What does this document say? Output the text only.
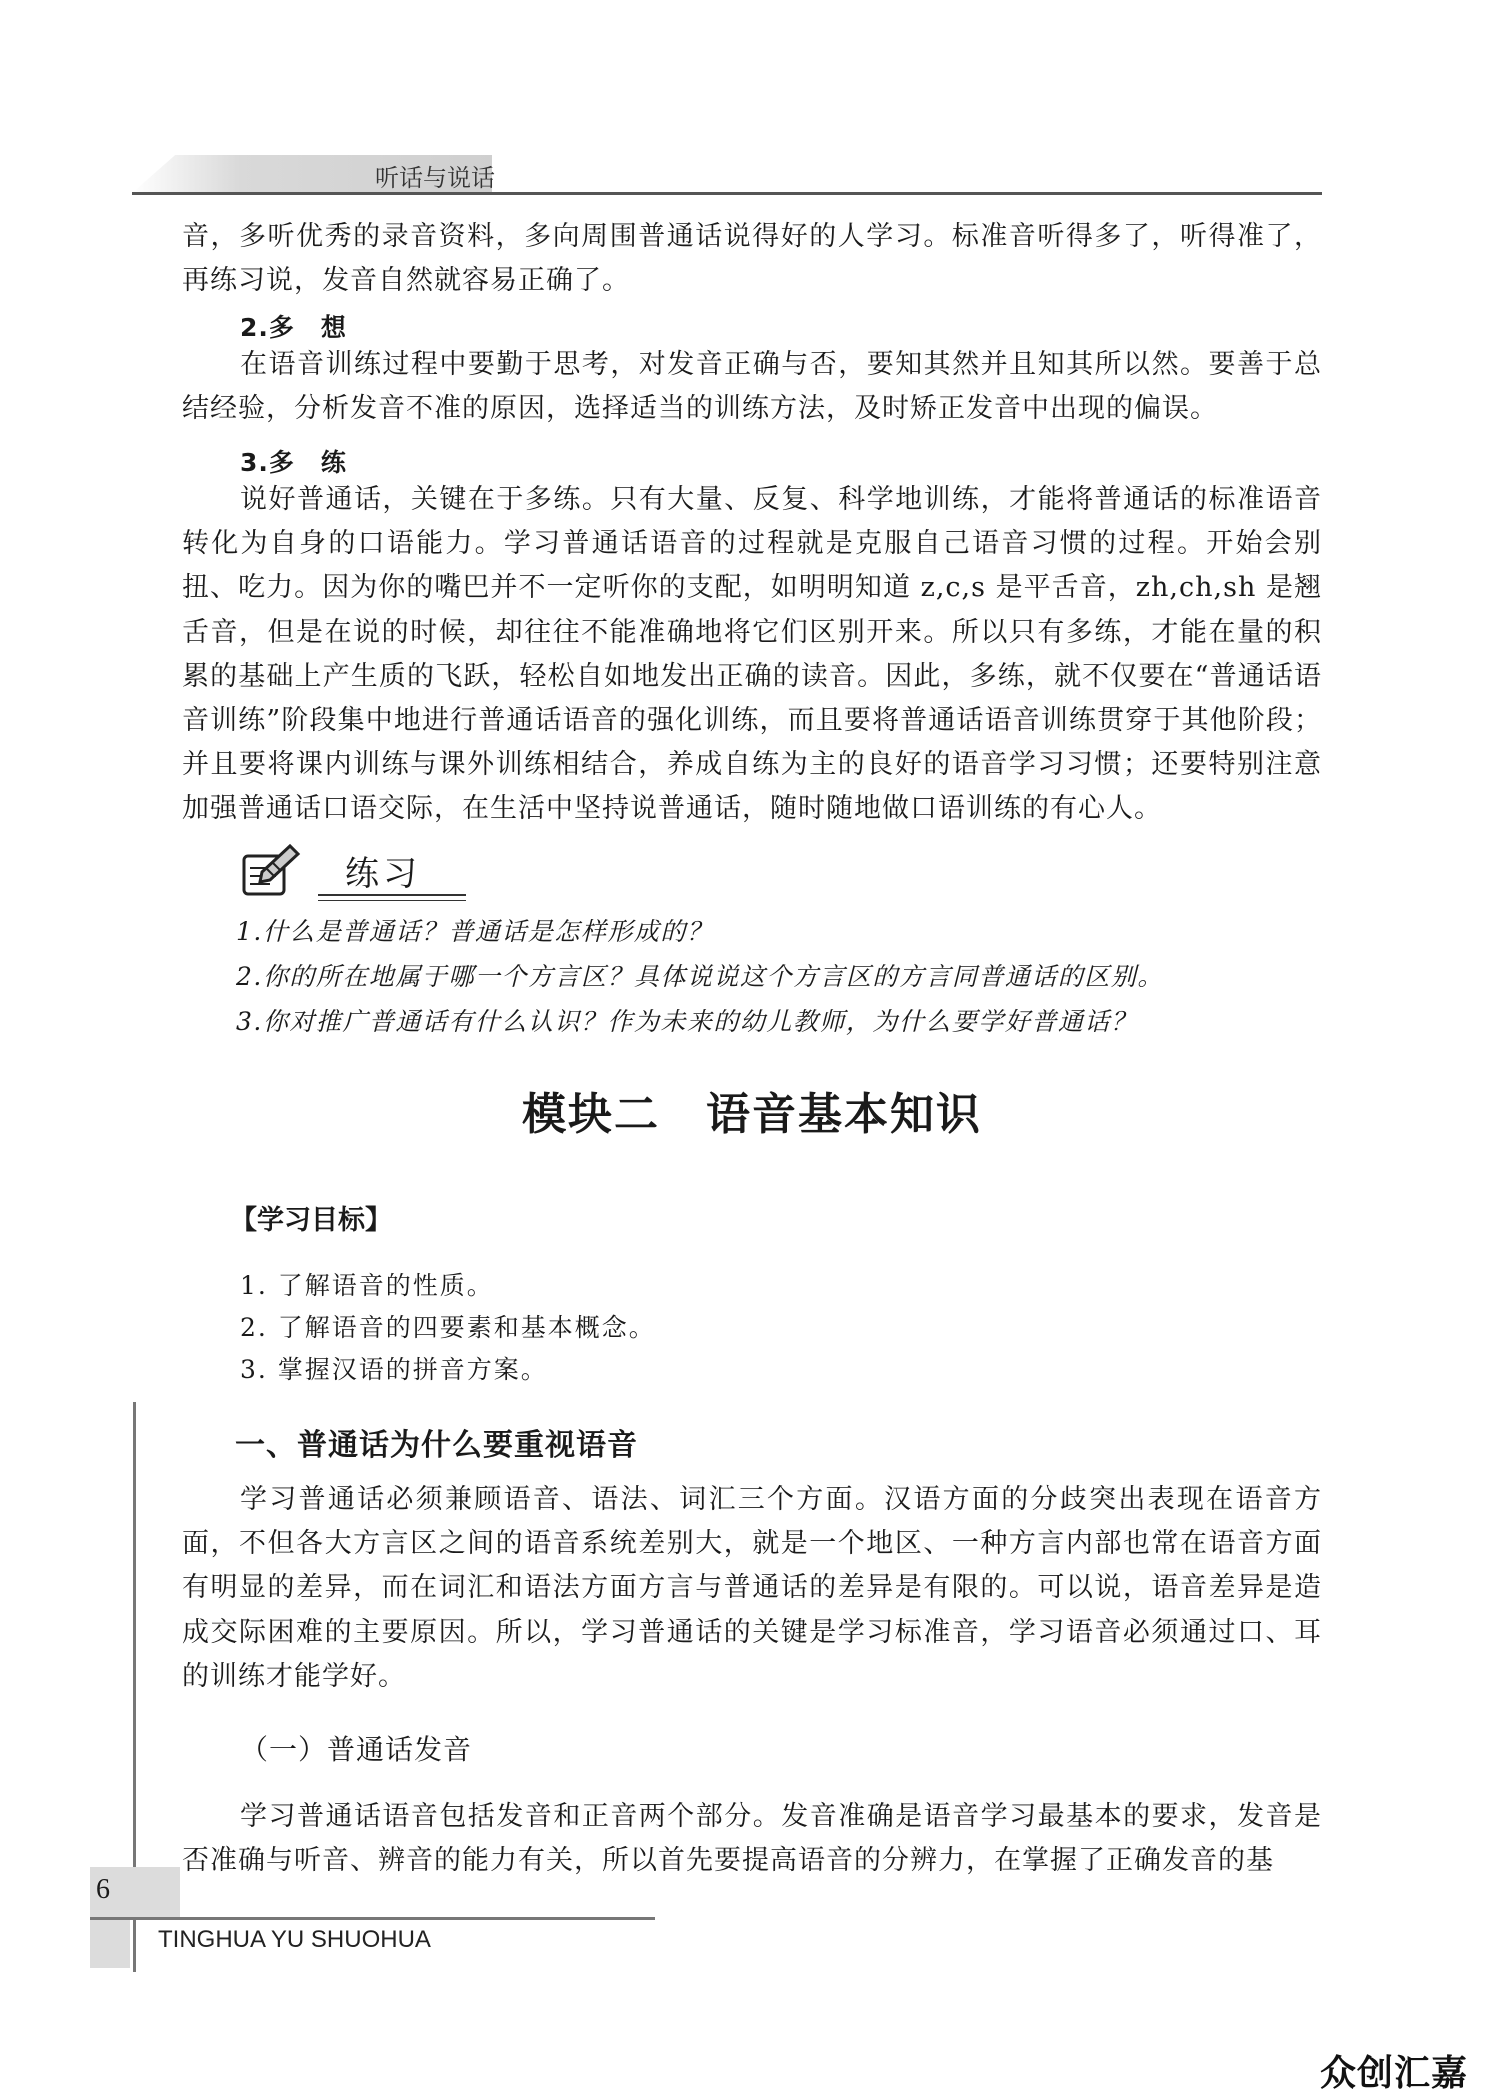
听话与说话

音，多听优秀的录音资料，多向周围普通话说得好的人学习。标准音听得多了，听得准了，再练习说，发音自然就容易正确了。

2.多　想

在语音训练过程中要勤于思考，对发音正确与否，要知其然并且知其所以然。要善于总结经验，分析发音不准的原因，选择适当的训练方法，及时矫正发音中出现的偏误。

3.多　练

说好普通话，关键在于多练。只有大量、反复、科学地训练，才能将普通话的标准语音转化为自身的口语能力。学习普通话语音的过程就是克服自己语音习惯的过程。开始会别扭、吃力。因为你的嘴巴并不一定听你的支配，如明明知道 z,c,s 是平舌音，zh,ch,sh 是翘舌音，但是在说的时候，却往往不能准确地将它们区别开来。所以只有多练，才能在量的积累的基础上产生质的飞跃，轻松自如地发出正确的读音。因此，多练，就不仅要在“普通话语音训练”阶段集中地进行普通话语音的强化训练，而且要将普通话语音训练贯穿于其他阶段；并且要将课内训练与课外训练相结合，养成自练为主的良好的语音学习习惯；还要特别注意加强普通话口语交际，在生活中坚持说普通话，随时随地做口语训练的有心人。

练习
1.什么是普通话？普通话是怎样形成的？
2.你的所在地属于哪一个方言区？具体说说这个方言区的方言同普通话的区别。
3.你对推广普通话有什么认识？作为未来的幼儿教师，为什么要学好普通话？
模块二　语音基本知识
【学习目标】
1. 了解语音的性质。
2. 了解语音的四要素和基本概念。
3. 掌握汉语的拼音方案。
一、普通话为什么要重视语音

学习普通话必须兼顾语音、语法、词汇三个方面。汉语方面的分歧突出表现在语音方面，不但各大方言区之间的语音系统差别大，就是一个地区、一种方言内部也常在语音方面有明显的差异，而在词汇和语法方面方言与普通话的差异是有限的。可以说，语音差异是造成交际困难的主要原因。所以，学习普通话的关键是学习标准音，学习语音必须通过口、耳的训练才能学好。

（一）普通话发音

学习普通话语音包括发音和正音两个部分。发音准确是语音学习最基本的要求，发音是否准确与听音、辨音的能力有关，所以首先要提高语音的分辨力，在掌握了正确发音的基

6
TINGHUA YU SHUOHUA
众创汇嘉
